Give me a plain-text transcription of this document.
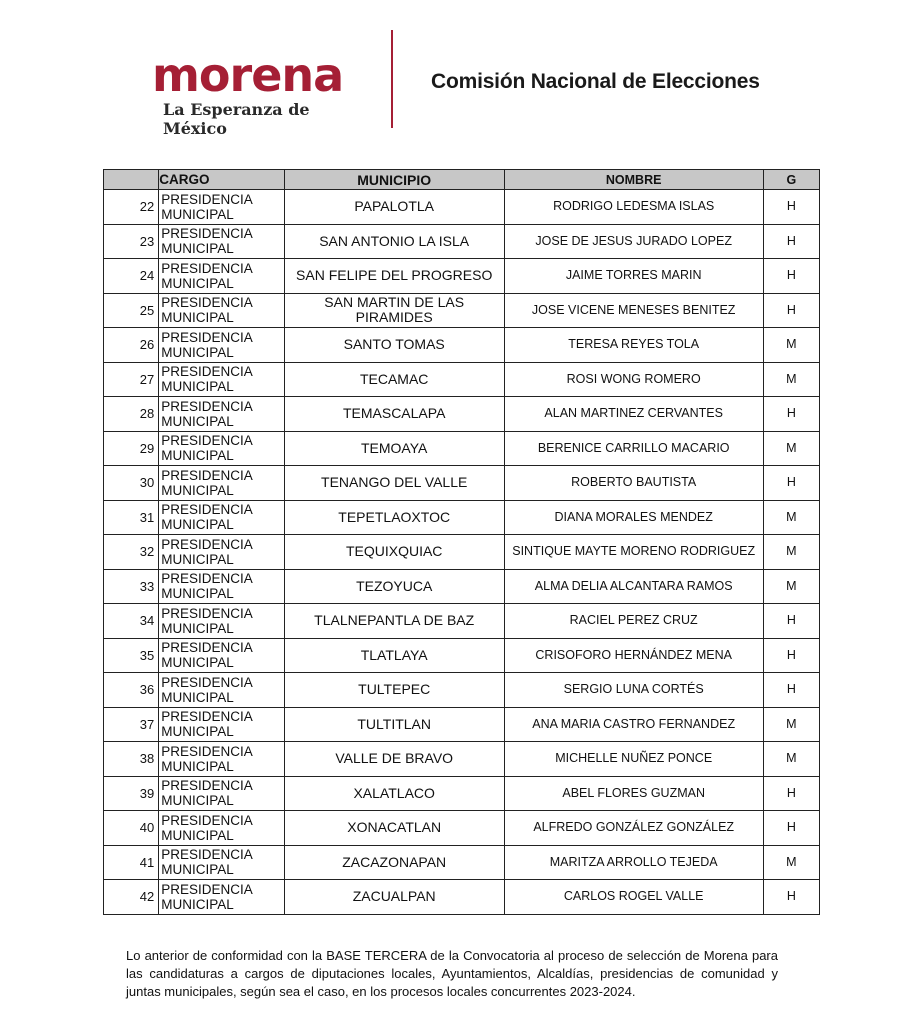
morena
La Esperanza de México
Comisión Nacional de Elecciones
	CARGO	MUNICIPIO	NOMBRE	G
22	PRESIDENCIA MUNICIPAL	PAPALOTLA	RODRIGO LEDESMA ISLAS	H
23	PRESIDENCIA MUNICIPAL	SAN ANTONIO LA ISLA	JOSE DE JESUS JURADO LOPEZ	H
24	PRESIDENCIA MUNICIPAL	SAN FELIPE DEL PROGRESO	JAIME TORRES MARIN	H
25	PRESIDENCIA MUNICIPAL	SAN MARTIN DE LAS PIRAMIDES	JOSE VICENE MENESES BENITEZ	H
26	PRESIDENCIA MUNICIPAL	SANTO TOMAS	TERESA REYES TOLA	M
27	PRESIDENCIA MUNICIPAL	TECAMAC	ROSI WONG ROMERO	M
28	PRESIDENCIA MUNICIPAL	TEMASCALAPA	ALAN MARTINEZ CERVANTES	H
29	PRESIDENCIA MUNICIPAL	TEMOAYA	BERENICE CARRILLO MACARIO	M
30	PRESIDENCIA MUNICIPAL	TENANGO DEL VALLE	ROBERTO BAUTISTA	H
31	PRESIDENCIA MUNICIPAL	TEPETLAOXTOC	DIANA MORALES MENDEZ	M
32	PRESIDENCIA MUNICIPAL	TEQUIXQUIAC	SINTIQUE MAYTE MORENO RODRIGUEZ	M
33	PRESIDENCIA MUNICIPAL	TEZOYUCA	ALMA DELIA ALCANTARA RAMOS	M
34	PRESIDENCIA MUNICIPAL	TLALNEPANTLA DE BAZ	RACIEL PEREZ CRUZ	H
35	PRESIDENCIA MUNICIPAL	TLATLAYA	CRISOFORO HERNÁNDEZ MENA	H
36	PRESIDENCIA MUNICIPAL	TULTEPEC	SERGIO LUNA CORTÉS	H
37	PRESIDENCIA MUNICIPAL	TULTITLAN	ANA MARIA CASTRO FERNANDEZ	M
38	PRESIDENCIA MUNICIPAL	VALLE DE BRAVO	MICHELLE NUÑEZ PONCE	M
39	PRESIDENCIA MUNICIPAL	XALATLACO	ABEL FLORES GUZMAN	H
40	PRESIDENCIA MUNICIPAL	XONACATLAN	ALFREDO GONZÁLEZ GONZÁLEZ	H
41	PRESIDENCIA MUNICIPAL	ZACAZONAPAN	MARITZA ARROLLO TEJEDA	M
42	PRESIDENCIA MUNICIPAL	ZACUALPAN	CARLOS ROGEL VALLE	H
Lo anterior de conformidad con la BASE TERCERA de la Convocatoria al proceso de selección de Morena para las candidaturas a cargos de diputaciones locales, Ayuntamientos, Alcaldías, presidencias de comunidad y juntas municipales, según sea el caso, en los procesos locales concurrentes 2023-2024.
